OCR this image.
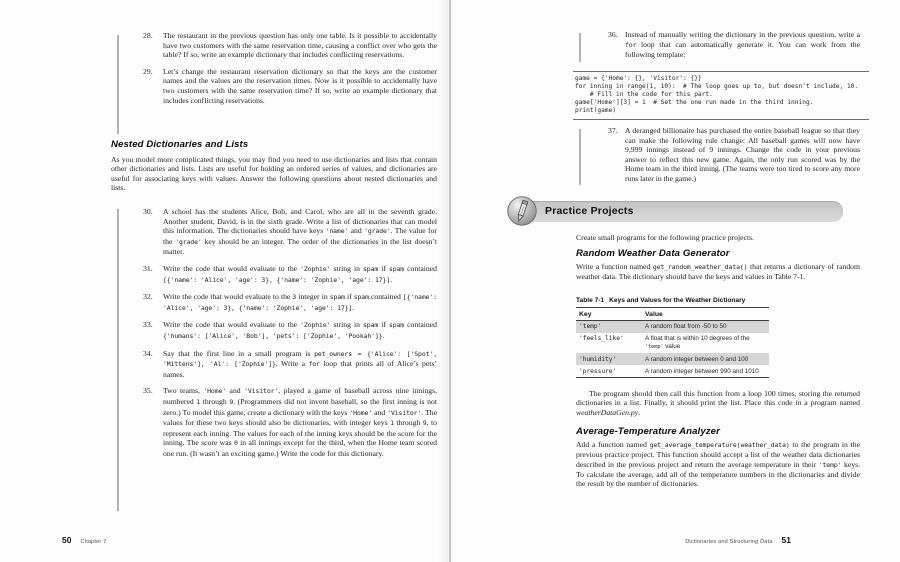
28.	The restaurant in the previous question has only one table. Is it possible to accidentally have two customers with the same reservation time, causing a conflict over who gets the table? If so, write an example dictionary that includes conflicting reservations.
29.	Let’s change the restaurant reservation dictionary so that the keys are the customer names and the values are the reservation times. Now is it possible to accidentally have two customers with the same reservation time? If so, write an example dictionary that includes conflicting reservations.
Nested Dictionaries and Lists
As you model more complicated things, you may find you need to use dictionaries and lists that contain other dictionaries and lists. Lists are useful for holding an ordered series of values, and dictionaries are useful for associating keys with values. Answer the following questions about nested dictionaries and lists.
30.	A school has the students Alice, Bob, and Carol, who are all in the seventh grade. Another student, David, is in the sixth grade. Write a list of dictionaries that can model this information. The dictionaries should have keys 'name' and 'grade'. The value for the 'grade' key should be an integer. The order of the dictionaries in the list doesn’t matter.
31.	Write the code that would evaluate to the 'Zophie' string in spam if spam contained [{'name': 'Alice', 'age': 3}, {'name': 'Zophie', 'age': 17}].
32.	Write the code that would evaluate to the 3 integer in spam if spam contained [{'name': 'Alice', 'age': 3}, {'name': 'Zophie', 'age': 17}].
33.	Write the code that would evaluate to the 'Zophie' string in spam if spam contained {'humans': ['Alice', 'Bob'], 'pets': ['Zophie', 'Pookah']}.
34.	Say that the first line in a small program is pet_owners = {'Alice': ['Spot', 'Mittens'], 'Al': ['Zophie']}. Write a for loop that prints all of Alice’s pets’ names.
35.	Two teams, 'Home' and 'Visitor', played a game of baseball across nine innings, numbered 1 through 9. (Programmers did not invent baseball, so the first inning is not zero.) To model this game, create a dictionary with the keys 'Home' and 'Visitor'. The values for these two keys should also be dictionaries, with integer keys 1 through 9, to represent each inning. The values for each of the inning keys should be the score for the inning. The score was 0 in all innings except for the third, when the Home team scored one run. (It wasn’t an exciting game.) Write the code for this dictionary.
50 Chapter 7
36. Instead of manually writing the dictionary in the previous question, write a for loop that can automatically generate it. You can work from the following template:
game = {'Home': {}, 'Visitor': {}}
for inning in range(1, 10):  # The loop goes up to, but doesn't include, 10.
# Fill in the code for this part.
game['Home'][3] = 1  # Set the one run made in the third inning.
print(game)
37. A deranged billionaire has purchased the entire baseball league so that they can make the following rule change: All baseball games will now have 9,999 innings instead of 9 innings. Change the code in your previous answer to reflect this new game. Again, the only run scored was by the Home team in the third inning. (The teams were too tired to score any more runs later in the game.)
Practice Projects
Create small programs for the following practice projects.
Random Weather Data Generator
Write a function named get_random_weather_data() that returns a dictionary of random weather data. The dictionary should have the keys and values in Table 7-1.
Table 7-1 Keys and Values for the Weather Dictionary
Key	Value
'temp'	A random float from -50 to 50
'feels_like'	A float that is within 10 degrees of the 'temp' value
'humidity'	A random integer between 0 and 100
'pressure'	A random integer between 990 and 1010
The program should then call this function from a loop 100 times, storing the returned dictionaries in a list. Finally, it should print the list. Place this code in a program named weatherDataGen.py.
Average-Temperature Analyzer
Add a function named get_average_temperature(weather_data) to the program in the previous practice project. This function should accept a list of the weather data dictionaries described in the previous project and return the average temperature in their 'temp' keys. To calculate the average, add all of the temperature numbers in the dictionaries and divide the result by the number of dictionaries.
Dictionaries and Structuring Data 51
